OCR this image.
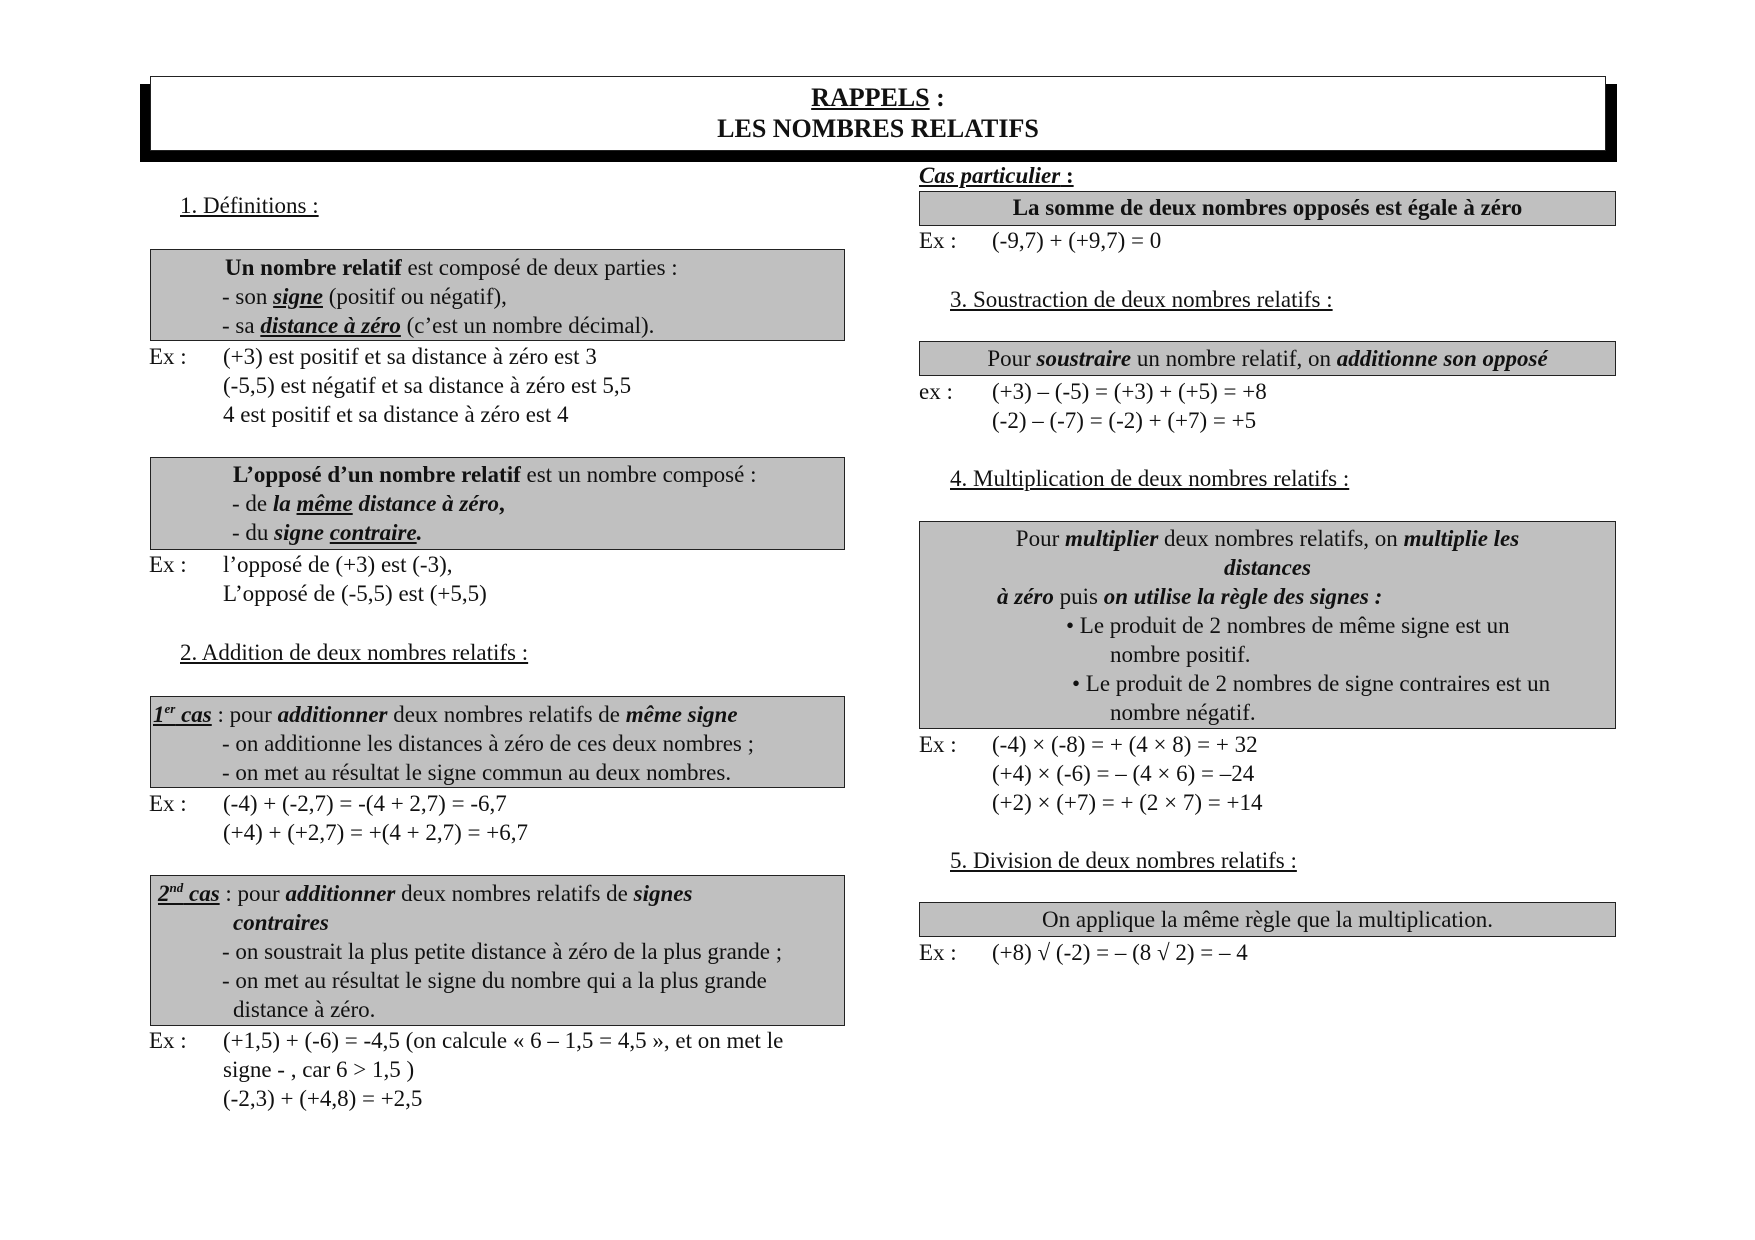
RAPPELS :
LES NOMBRES RELATIFS
1. Définitions :
Un nombre relatif est composé de deux parties :
- son signe (positif ou négatif),
- sa distance à zéro (c’est un nombre décimal).
Ex : (+3) est positif et sa distance à zéro est 3
(-5,5) est négatif et sa distance à zéro est 5,5
4 est positif et sa distance à zéro est 4
L’opposé d’un nombre relatif est un nombre composé :
- de la même distance à zéro,
- du signe contraire.
Ex : l’opposé de (+3) est (-3),
L’opposé de (-5,5) est (+5,5)
2. Addition de deux nombres relatifs :
1er cas : pour additionner deux nombres relatifs de même signe
- on additionne les distances à zéro de ces deux nombres ;
- on met au résultat le signe commun au deux nombres.
Ex : (-4) + (-2,7) = -(4 + 2,7) = -6,7
(+4) + (+2,7) = +(4 + 2,7) = +6,7
2nd cas : pour additionner deux nombres relatifs de signes
contraires
- on soustrait la plus petite distance à zéro de la plus grande ;
- on met au résultat le signe du nombre qui a la plus grande
distance à zéro.
Ex : (+1,5) + (-6) = -4,5 (on calcule « 6 – 1,5 = 4,5 », et on met le
signe - , car 6 > 1,5 )
(-2,3) + (+4,8) = +2,5
Cas particulier :
La somme de deux nombres opposés est égale à zéro
Ex : (-9,7) + (+9,7) = 0
3. Soustraction de deux nombres relatifs :
Pour soustraire un nombre relatif, on additionne son opposé
ex : (+3) – (-5) = (+3) + (+5) = +8
(-2) – (-7) = (-2) + (+7) = +5
4. Multiplication de deux nombres relatifs :
Pour multiplier deux nombres relatifs, on multiplie les
distances
à zéro puis on utilise la règle des signes :
• Le produit de 2 nombres de même signe est un
nombre positif.
• Le produit de 2 nombres de signe contraires est un
nombre négatif.
Ex : (-4) × (-8) = + (4 × 8) = + 32
(+4) × (-6) = – (4 × 6) = –24
(+2) × (+7) = + (2 × 7) = +14
5. Division de deux nombres relatifs :
On applique la même règle que la multiplication.
Ex : (+8) √ (-2) = – (8 √ 2) = – 4
